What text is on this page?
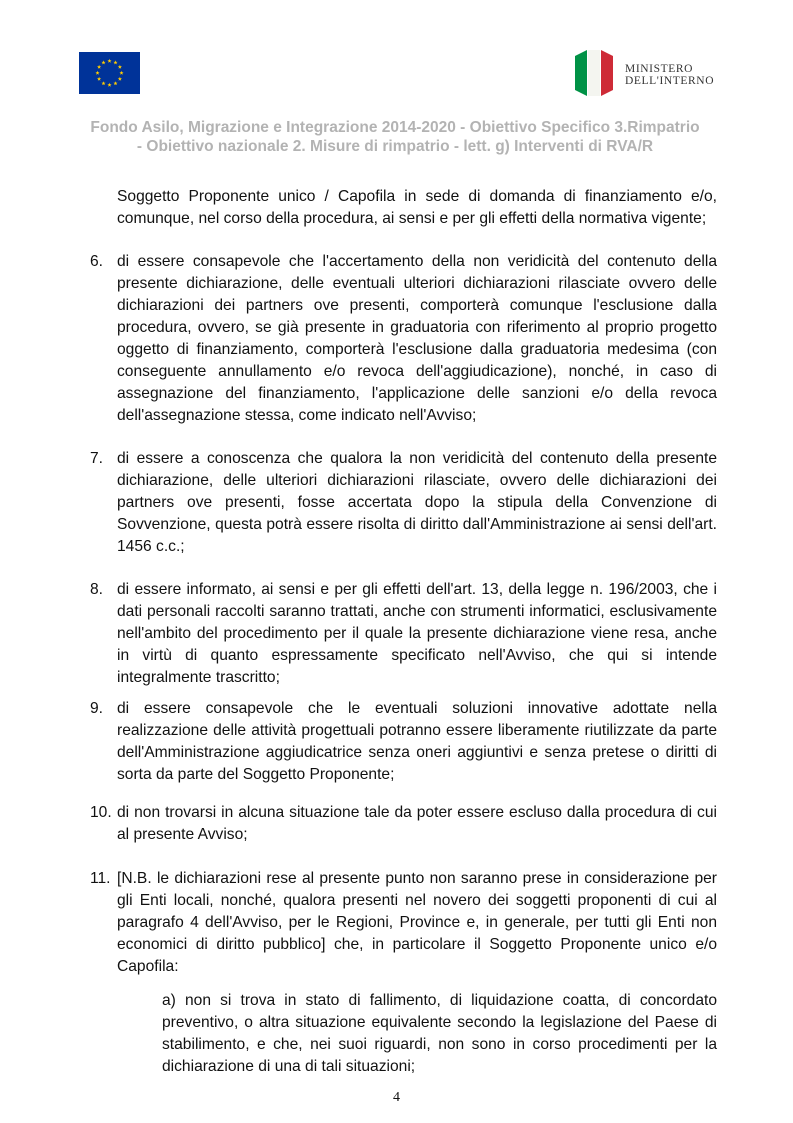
MINISTERO
DELL'INTERNO
Fondo Asilo, Migrazione e Integrazione 2014-2020 - Obiettivo Specifico 3.Rimpatrio
- Obiettivo nazionale 2. Misure di rimpatrio - lett. g) Interventi di RVA/R
Soggetto Proponente unico / Capofila in sede di domanda di finanziamento e/o, comunque, nel corso della procedura, ai sensi e per gli effetti della normativa vigente;
6. di essere consapevole che l'accertamento della non veridicità del contenuto della presente dichiarazione, delle eventuali ulteriori dichiarazioni rilasciate ovvero delle dichiarazioni dei partners ove presenti, comporterà comunque l'esclusione dalla procedura, ovvero, se già presente in graduatoria con riferimento al proprio progetto oggetto di finanziamento, comporterà l'esclusione dalla graduatoria medesima (con conseguente annullamento e/o revoca dell'aggiudicazione), nonché, in caso di assegnazione del finanziamento, l'applicazione delle sanzioni e/o della revoca dell'assegnazione stessa, come indicato nell'Avviso;
7. di essere a conoscenza che qualora la non veridicità del contenuto della presente dichiarazione, delle ulteriori dichiarazioni rilasciate, ovvero delle dichiarazioni dei partners ove presenti, fosse accertata dopo la stipula della Convenzione di Sovvenzione, questa potrà essere risolta di diritto dall'Amministrazione ai sensi dell'art. 1456 c.c.;
8. di essere informato, ai sensi e per gli effetti dell'art. 13, della legge n. 196/2003, che i dati personali raccolti saranno trattati, anche con strumenti informatici, esclusivamente nell'ambito del procedimento per il quale la presente dichiarazione viene resa, anche in virtù di quanto espressamente specificato nell'Avviso, che qui si intende integralmente trascritto;
9. di essere consapevole che le eventuali soluzioni innovative adottate nella realizzazione delle attività progettuali potranno essere liberamente riutilizzate da parte dell'Amministrazione aggiudicatrice senza oneri aggiuntivi e senza pretese o diritti di sorta da parte del Soggetto Proponente;
10. di non trovarsi in alcuna situazione tale da poter essere escluso dalla procedura di cui al presente Avviso;
11. [N.B. le dichiarazioni rese al presente punto non saranno prese in considerazione per gli Enti locali, nonché, qualora presenti nel novero dei soggetti proponenti di cui al paragrafo 4 dell'Avviso, per le Regioni, Province e, in generale, per tutti gli Enti non economici di diritto pubblico] che, in particolare il Soggetto Proponente unico e/o Capofila:
a) non si trova in stato di fallimento, di liquidazione coatta, di concordato preventivo, o altra situazione equivalente secondo la legislazione del Paese di stabilimento, e che, nei suoi riguardi, non sono in corso procedimenti per la dichiarazione di una di tali situazioni;
4
